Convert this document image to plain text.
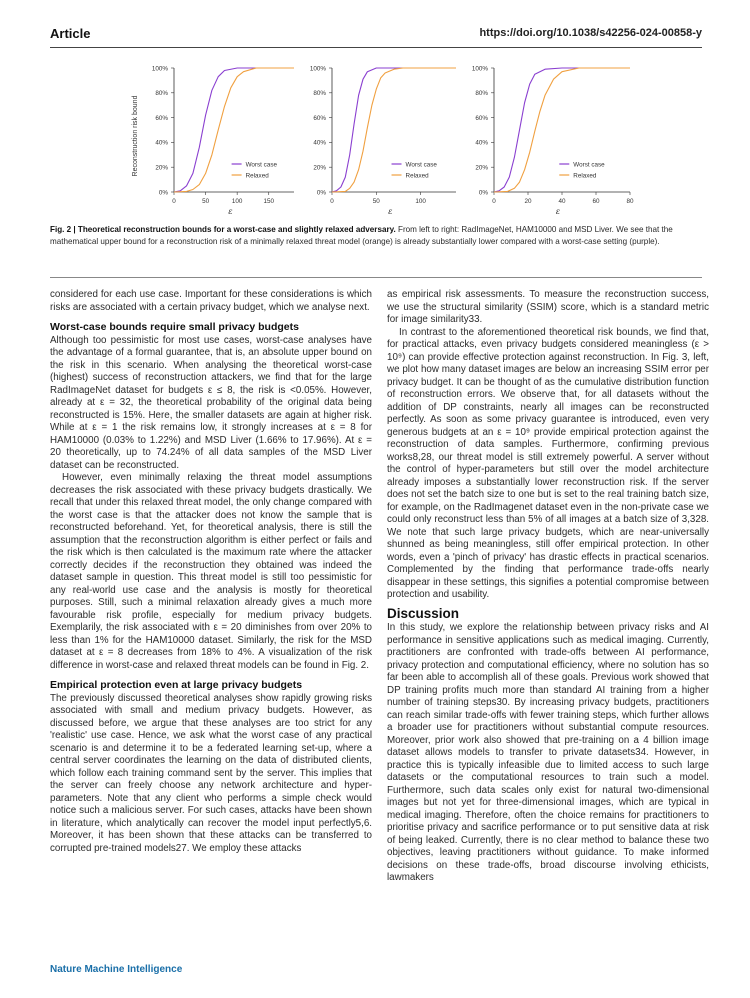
Article	https://doi.org/10.1038/s42256-024-00858-y
Reconstruction risk bound
0%
20%
40%
60%
80%
100%
0	50	100	150
ε
Worst case
Relaxed
0%
20%
40%
60%
80%
100%
0	50	100
ε
Worst case
Relaxed
0%
20%
40%
60%
80%
100%
0	20	40	60	80
ε
Worst case
Relaxed
Fig. 2 | Theoretical reconstruction bounds for a worst-case and slightly relaxed adversary. From left to right: RadImageNet, HAM10000 and MSD Liver. We see that the mathematical upper bound for a reconstruction risk of a minimally relaxed threat model (orange) is already substantially lower compared with a worst-case setting (purple).

considered for each use case. Important for these considerations is which risks are associated with a certain privacy budget, which we analyse next.

Worst-case bounds require small privacy budgets

Although too pessimistic for most use cases, worst-case analyses have the advantage of a formal guarantee, that is, an absolute upper bound on the risk in this scenario. When analysing the theoretical worst-case (highest) success of reconstruction attackers, we find that for the large RadImageNet dataset for budgets ε ≤ 8, the risk is <0.05%. However, already at ε = 32, the theoretical probability of the original data being reconstructed is 15%. Here, the smaller datasets are again at higher risk. While at ε = 1 the risk remains low, it strongly increases at ε = 8 for HAM10000 (0.03% to 1.22%) and MSD Liver (1.66% to 17.96%). At ε = 20 theoretically, up to 74.24% of all data samples of the MSD Liver dataset can be reconstructed.

However, even minimally relaxing the threat model assumptions decreases the risk associated with these privacy budgets drastically. We recall that under this relaxed threat model, the only change compared with the worst case is that the attacker does not know the sample that is reconstructed beforehand. Yet, for theoretical analysis, there is still the assumption that the reconstruction algorithm is either perfect or fails and the risk which is then calculated is the maximum rate where the attacker correctly decides if the reconstruction they obtained was indeed the dataset sample in question. This threat model is still too pessimistic for any real-world use case and the analysis is mostly for theoretical purposes. Still, such a minimal relaxation already gives a much more favourable risk profile, especially for medium privacy budgets. Exemplarily, the risk associated with ε = 20 diminishes from over 20% to less than 1% for the HAM10000 dataset. Similarly, the risk for the MSD dataset at ε = 8 decreases from 18% to 4%. A visualization of the risk difference in worst-case and relaxed threat models can be found in Fig. 2.

Empirical protection even at large privacy budgets

The previously discussed theoretical analyses show rapidly growing risks associated with small and medium privacy budgets. However, as discussed before, we argue that these analyses are too strict for any 'realistic' use case. Hence, we ask what the worst case of any practical scenario is and determine it to be a federated learning set-up, where a central server coordinates the learning on the data of distributed clients, which follow each training command sent by the server. This implies that the server can freely choose any network architecture and hyper-parameters. Note that any client who performs a simple check would notice such a malicious server. For such cases, attacks have been shown in literature, which analytically can recover the model input perfectly5,6. Moreover, it has been shown that these attacks can be transferred to corrupted pre-trained models27. We employ these attacks

as empirical risk assessments. To measure the reconstruction success, we use the structural similarity (SSIM) score, which is a standard metric for image similarity33.

In contrast to the aforementioned theoretical risk bounds, we find that, for practical attacks, even privacy budgets considered meaningless (ε > 10⁹) can provide effective protection against reconstruction. In Fig. 3, left, we plot how many dataset images are below an increasing SSIM error per privacy budget. It can be thought of as the cumulative distribution function of reconstruction errors. We observe that, for all datasets without the addition of DP constraints, nearly all images can be reconstructed perfectly. As soon as some privacy guarantee is introduced, even very generous budgets at an ε = 10⁹ provide empirical protection against the reconstruction of data samples. Furthermore, confirming previous works8,28, our threat model is still extremely powerful. A server without the control of hyper-parameters but still over the model architecture already imposes a substantially lower reconstruction risk. If the server does not set the batch size to one but is set to the real training batch size, for example, on the RadImagenet dataset even in the non-private case we could only reconstruct less than 5% of all images at a batch size of 3,328. We note that such large privacy budgets, which are near-universally shunned as being meaningless, still offer empirical protection. In other words, even a 'pinch of privacy' has drastic effects in practical scenarios. Complemented by the finding that performance trade-offs nearly disappear in these settings, this signifies a potential compromise between protection and usability.

Discussion

In this study, we explore the relationship between privacy risks and AI performance in sensitive applications such as medical imaging. Currently, practitioners are confronted with trade-offs between AI performance, privacy protection and computational efficiency, where no solution has so far been able to accomplish all of these goals. Previous work showed that DP training profits much more than standard AI training from a higher number of training steps30. By increasing privacy budgets, practitioners can reach similar trade-offs with fewer training steps, which further allows a broader use for practitioners without substantial compute resources. Moreover, prior work also showed that pre-training on a 4 billion image dataset allows models to transfer to private datasets34. However, in practice this is typically infeasible due to limited access to such large datasets or the computational resources to train such a model. Furthermore, such data scales only exist for natural two-dimensional images but not yet for three-dimensional images, which are typical in medical imaging. Therefore, often the choice remains for practitioners to prioritise privacy and sacrifice performance or to put sensitive data at risk of being leaked. Currently, there is no clear method to balance these two objectives, leaving practitioners without guidance. To make informed decisions on these trade-offs, broad discourse involving ethicists, lawmakers

Nature Machine Intelligence
